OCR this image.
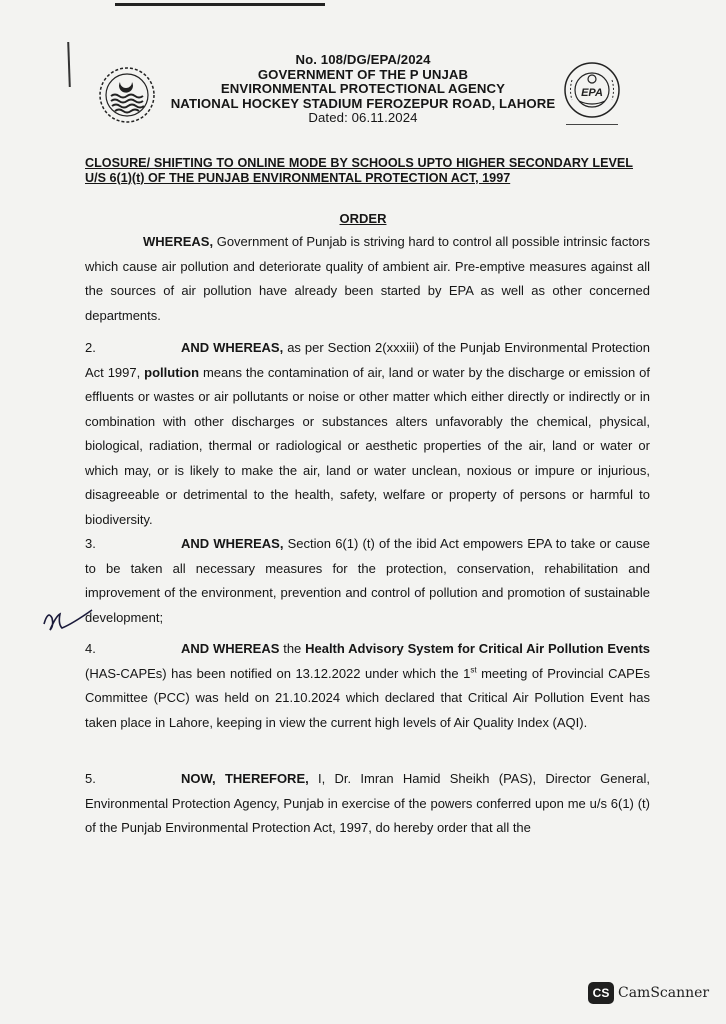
EPA
No. 108/DG/EPA/2024
GOVERNMENT OF THE P UNJAB
ENVIRONMENTAL PROTECTIONAL AGENCY
NATIONAL HOCKEY STADIUM FEROZEPUR ROAD, LAHORE
Dated: 06.11.2024
CLOSURE/ SHIFTING TO ONLINE MODE BY SCHOOLS UPTO HIGHER SECONDARY LEVEL U/S 6(1)(t) OF THE PUNJAB ENVIRONMENTAL PROTECTION ACT, 1997
ORDER
WHEREAS, Government of Punjab is striving hard to control all possible intrinsic factors which cause air pollution and deteriorate quality of ambient air. Pre-emptive measures against all the sources of air pollution have already been started by EPA as well as other concerned departments.
2.	AND WHEREAS, as per Section 2(xxxiii) of the Punjab Environmental Protection Act 1997, pollution means the contamination of air, land or water by the discharge or emission of effluents or wastes or air pollutants or noise or other matter which either directly or indirectly or in combination with other discharges or substances alters unfavorably the chemical, physical, biological, radiation, thermal or radiological or aesthetic properties of the air, land or water or which may, or is likely to make the air, land or water unclean, noxious or impure or injurious, disagreeable or detrimental to the health, safety, welfare or property of persons or harmful to biodiversity.
3.	AND WHEREAS, Section 6(1) (t) of the ibid Act empowers EPA to take or cause to be taken all necessary measures for the protection, conservation, rehabilitation and improvement of the environment, prevention and control of pollution and promotion of sustainable development;
4.	AND WHEREAS the Health Advisory System for Critical Air Pollution Events (HAS-CAPEs) has been notified on 13.12.2022 under which the 1st meeting of Provincial CAPEs Committee (PCC) was held on 21.10.2024 which declared that Critical Air Pollution Event has taken place in Lahore, keeping in view the current high levels of Air Quality Index (AQI).
5.	NOW, THEREFORE, I, Dr. Imran Hamid Sheikh (PAS), Director General, Environmental Protection Agency, Punjab in exercise of the powers conferred upon me u/s 6(1) (t) of the Punjab Environmental Protection Act, 1997, do hereby order that all the
CS CamScanner
